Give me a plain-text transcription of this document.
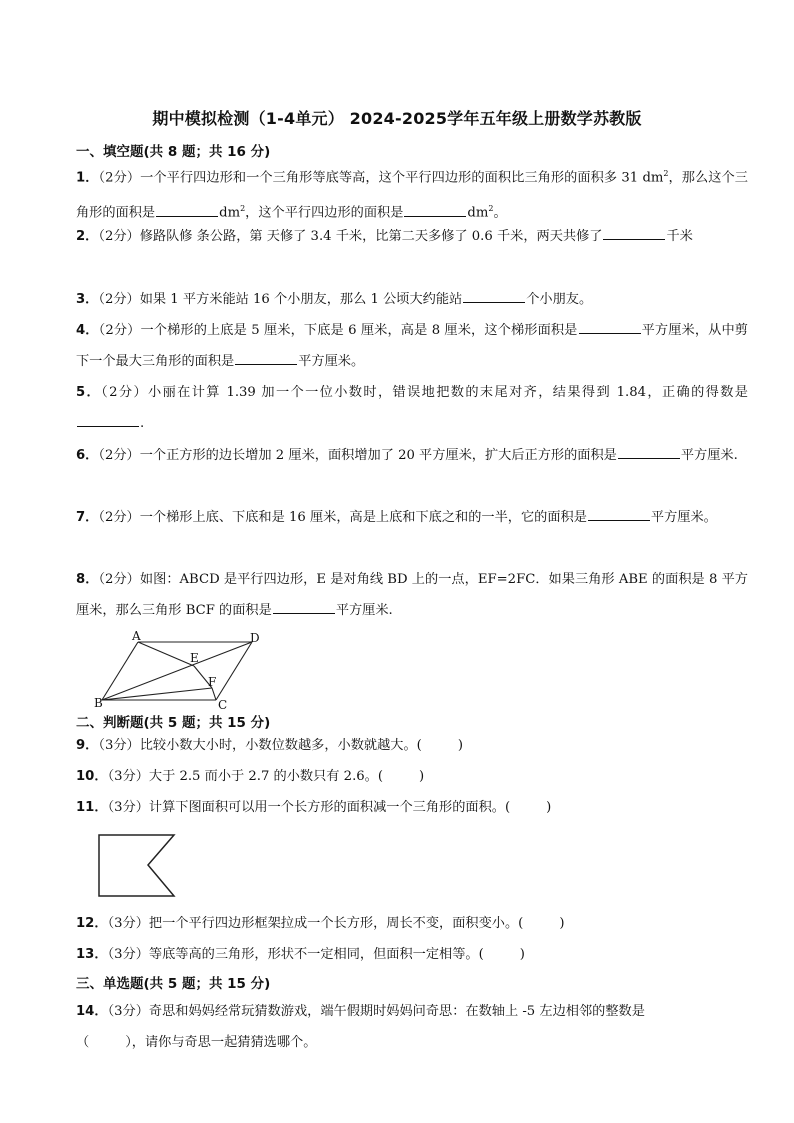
期中模拟检测（1-4单元） 2024-2025学年五年级上册数学苏教版
一、填空题(共 8 题；共 16 分)
1．（2分）一个平行四边形和一个三角形等底等高，这个平行四边形的面积比三角形的面积多 31 $dm^2$，那么这个三角形的面积是	$dm^2$，这个平行四边形的面积是	$dm^2$。
2．（2分）修路队修 条公路，第 天修了 3.4 千米，比第二天多修了 0.6 千米，两天共修了	千米
3．（2分）如果 1 平方米能站 16 个小朋友，那么 1 公顷大约能站	个小朋友。
4．（2分）一个梯形的上底是 5 厘米，下底是 6 厘米，高是 8 厘米，这个梯形面积是	平方厘米，从中剪下一个最大三角形的面积是	平方厘米。
5．（2分）小丽在计算 1.39 加一个一位小数时，错误地把数的末尾对齐，结果得到 1.84，正确的得数是.
6．（2分）一个正方形的边长增加 2 厘米，面积增加了 20 平方厘米，扩大后正方形的面积是	平方厘米.
7．（2分）一个梯形上底、下底和是 16 厘米，高是上底和下底之和的一半，它的面积是	平方厘米。
8．（2分）如图：ABCD 是平行四边形，E 是对角线 BD 上的一点，EF=2FC．如果三角形 ABE 的面积是 8 平方厘米，那么三角形 BCF 的面积是	平方厘米.
A	D
E
F
B	C
二、判断题(共 5 题；共 15 分)
9．（3分）比较小数大小时，小数位数越多，小数就越大。(	)
10．（3分）大于 2.5 而小于 2.7 的小数只有 2.6。(	)
11．（3分）计算下图面积可以用一个长方形的面积减一个三角形的面积。(	)
12．（3分）把一个平行四边形框架拉成一个长方形，周长不变，面积变小。(	)
13．（3分）等底等高的三角形，形状不一定相同，但面积一定相等。(	)
三、单选题(共 5 题；共 15 分)
14．（3分）奇思和妈妈经常玩猜数游戏，端午假期时妈妈问奇思：在数轴上 -5 左边相邻的整数是
（	），请你与奇思一起猜猜选哪个。
